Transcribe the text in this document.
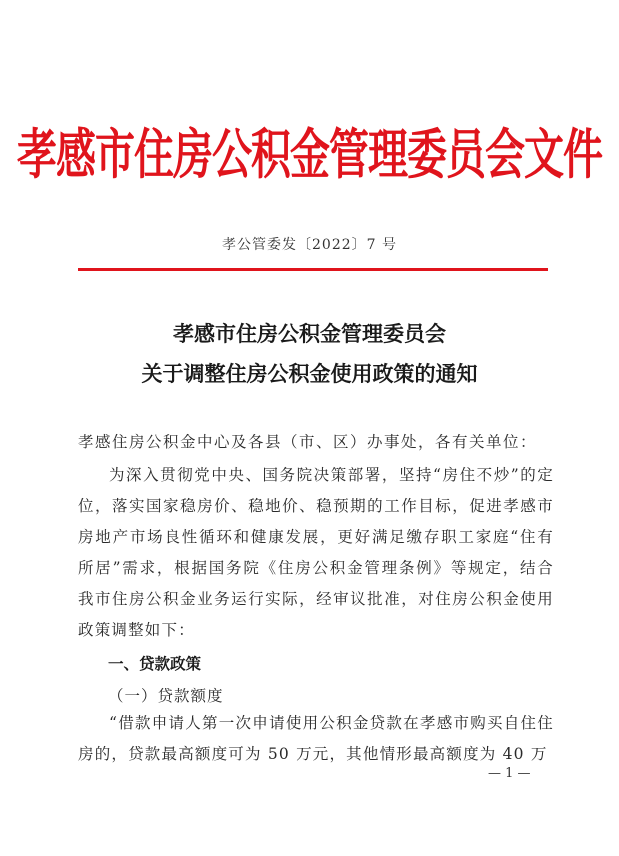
孝感市住房公积金管理委员会文件
孝公管委发〔2022〕7 号
孝感市住房公积金管理委员会
关于调整住房公积金使用政策的通知
孝感住房公积金中心及各县（市、区）办事处，各有关单位：
为深入贯彻党中央、国务院决策部署，坚持“房住不炒”的定位，落实国家稳房价、稳地价、稳预期的工作目标，促进孝感市房地产市场良性循环和健康发展，更好满足缴存职工家庭“住有所居”需求，根据国务院《住房公积金管理条例》等规定，结合我市住房公积金业务运行实际，经审议批准，对住房公积金使用政策调整如下：
一、贷款政策
（一）贷款额度
“借款申请人第一次申请使用公积金贷款在孝感市购买自住住房的，贷款最高额度可为 50 万元，其他情形最高额度为 40 万
— 1 —
